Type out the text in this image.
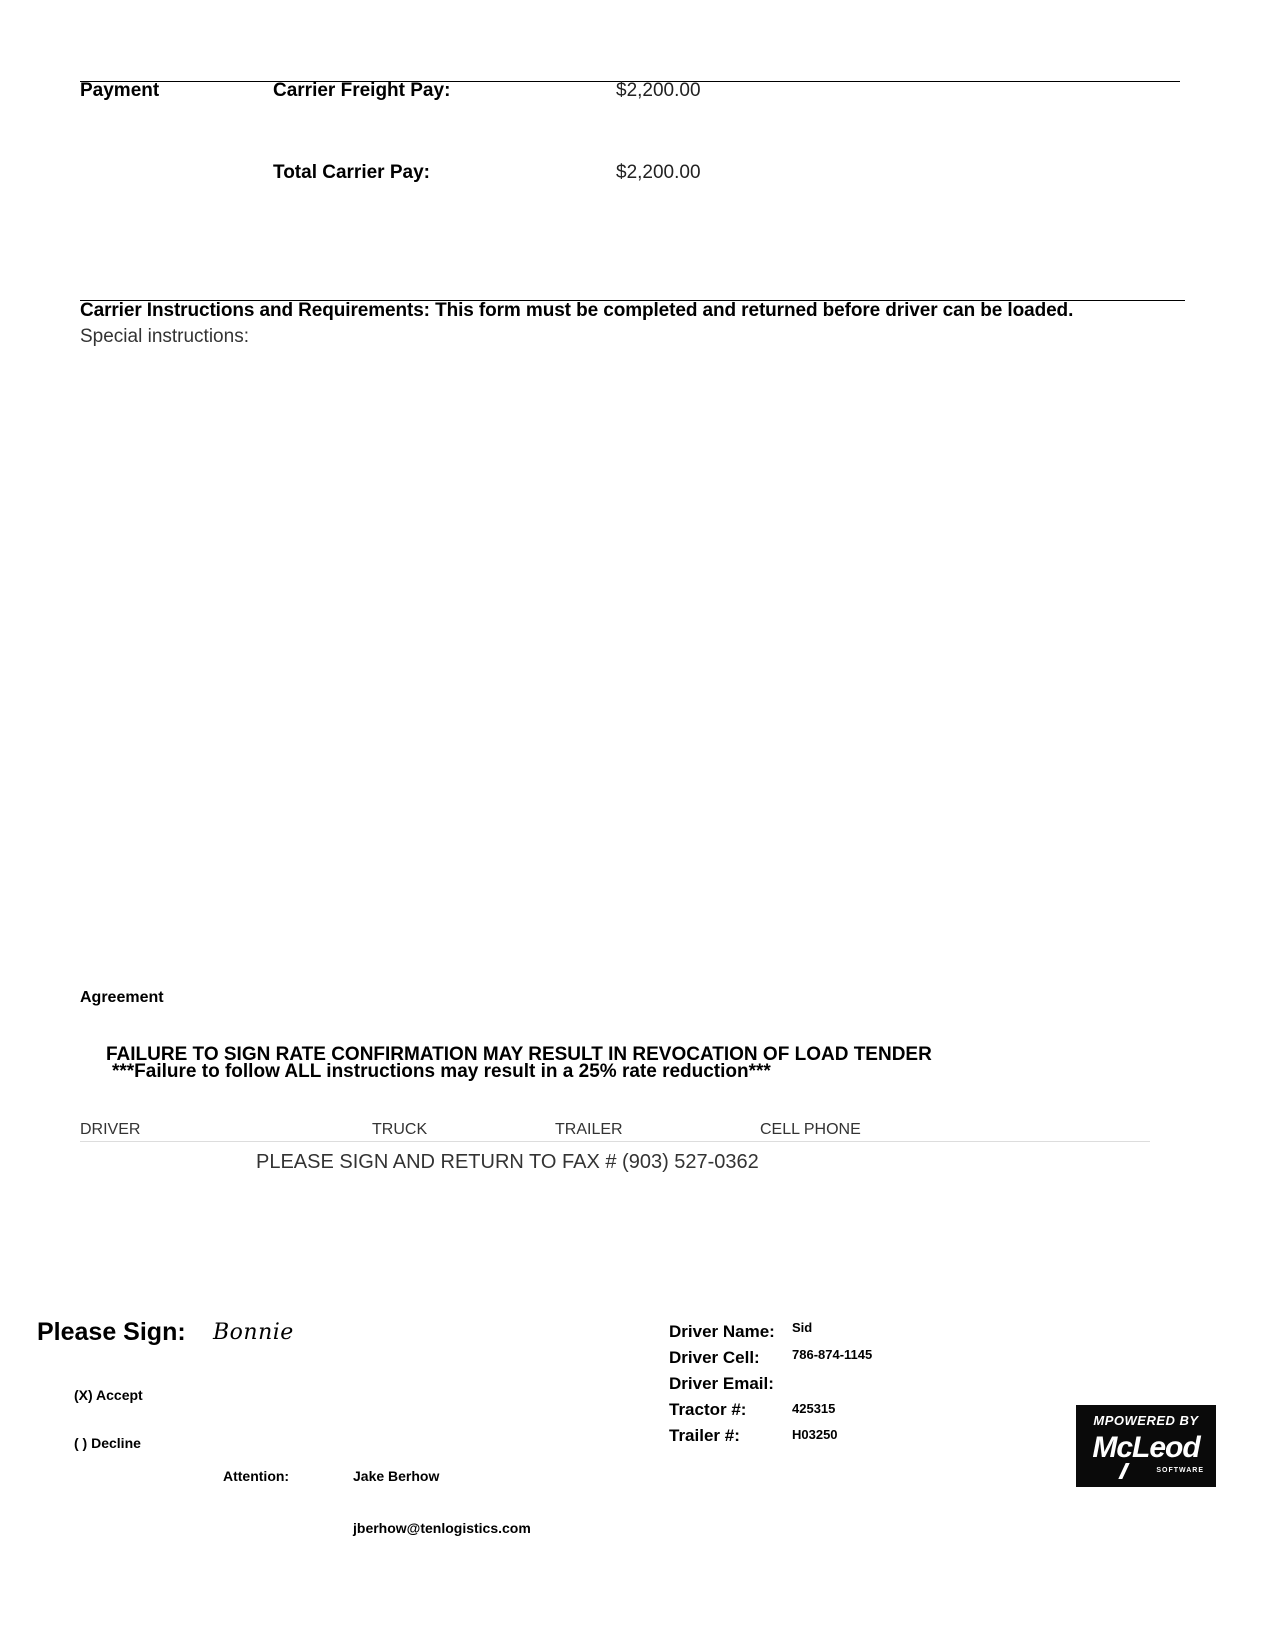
Payment	Carrier Freight Pay:	$2,200.00
Total Carrier Pay:	$2,200.00
Carrier Instructions and Requirements: This form must be completed and returned before driver can be loaded.
Special instructions:
Agreement
FAILURE TO SIGN RATE CONFIRMATION MAY RESULT IN REVOCATION OF LOAD TENDER
***Failure to follow ALL instructions may result in a 25% rate reduction***
DRIVER	TRUCK	TRAILER	CELL PHONE
PLEASE SIGN AND RETURN TO FAX # (903) 527-0362
Please Sign: Bonnie
(X) Accept
( ) Decline
Attention:	Jake Berhow
jberhow@tenlogistics.com
Driver Name: Sid
Driver Cell: 786-874-1145
Driver Email:
Tractor #:	425315
Trailer #:	H03250
MPOWERED BY
McLeod
SOFTWARE
